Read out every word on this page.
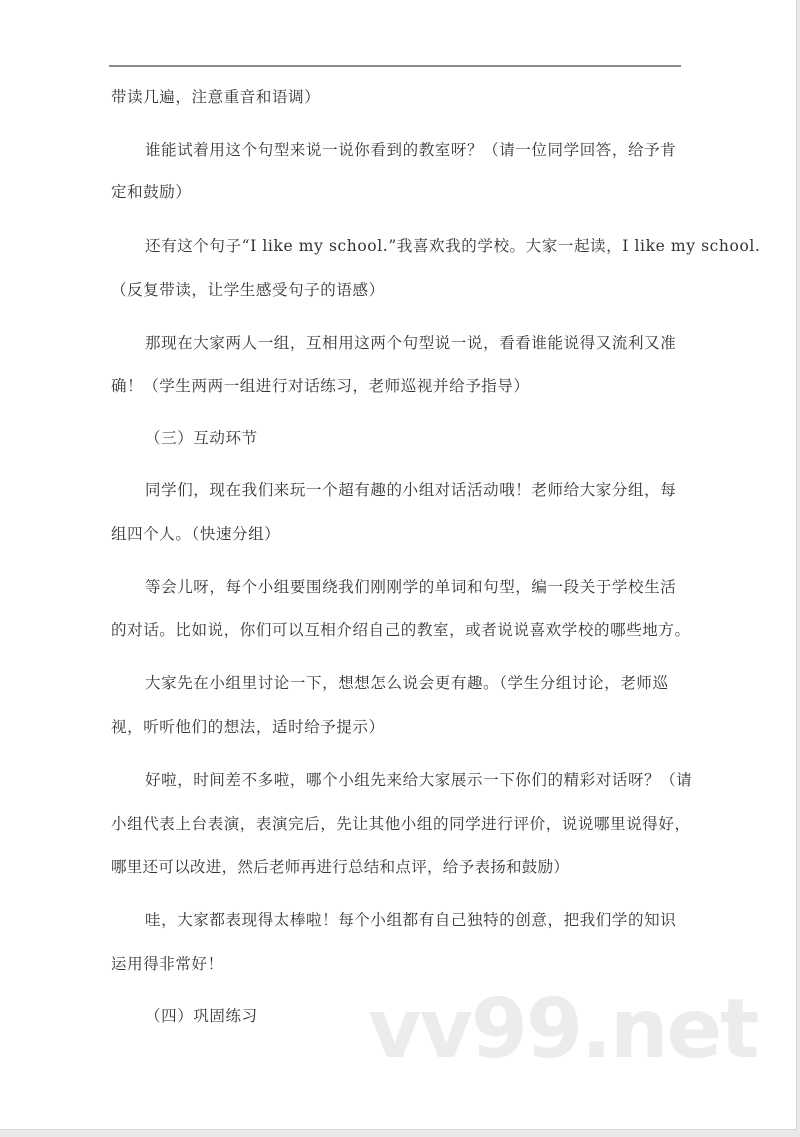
带读几遍，注意重音和语调）
谁能试着用这个句型来说一说你看到的教室呀？（请一位同学回答，给予肯
定和鼓励）
还有这个句子“I like my school.”我喜欢我的学校。大家一起读，I like my school.
（反复带读，让学生感受句子的语感）
那现在大家两人一组，互相用这两个句型说一说，看看谁能说得又流利又准
确！（学生两两一组进行对话练习，老师巡视并给予指导）
（三）互动环节
同学们，现在我们来玩一个超有趣的小组对话活动哦！老师给大家分组，每
组四个人。（快速分组）
等会儿呀，每个小组要围绕我们刚刚学的单词和句型，编一段关于学校生活
的对话。比如说，你们可以互相介绍自己的教室，或者说说喜欢学校的哪些地方。
大家先在小组里讨论一下，想想怎么说会更有趣。（学生分组讨论，老师巡
视，听听他们的想法，适时给予提示）
好啦，时间差不多啦，哪个小组先来给大家展示一下你们的精彩对话呀？（请
小组代表上台表演，表演完后，先让其他小组的同学进行评价，说说哪里说得好，
哪里还可以改进，然后老师再进行总结和点评，给予表扬和鼓励）
哇，大家都表现得太棒啦！每个小组都有自己独特的创意，把我们学的知识
运用得非常好！
（四）巩固练习 vv99.net
